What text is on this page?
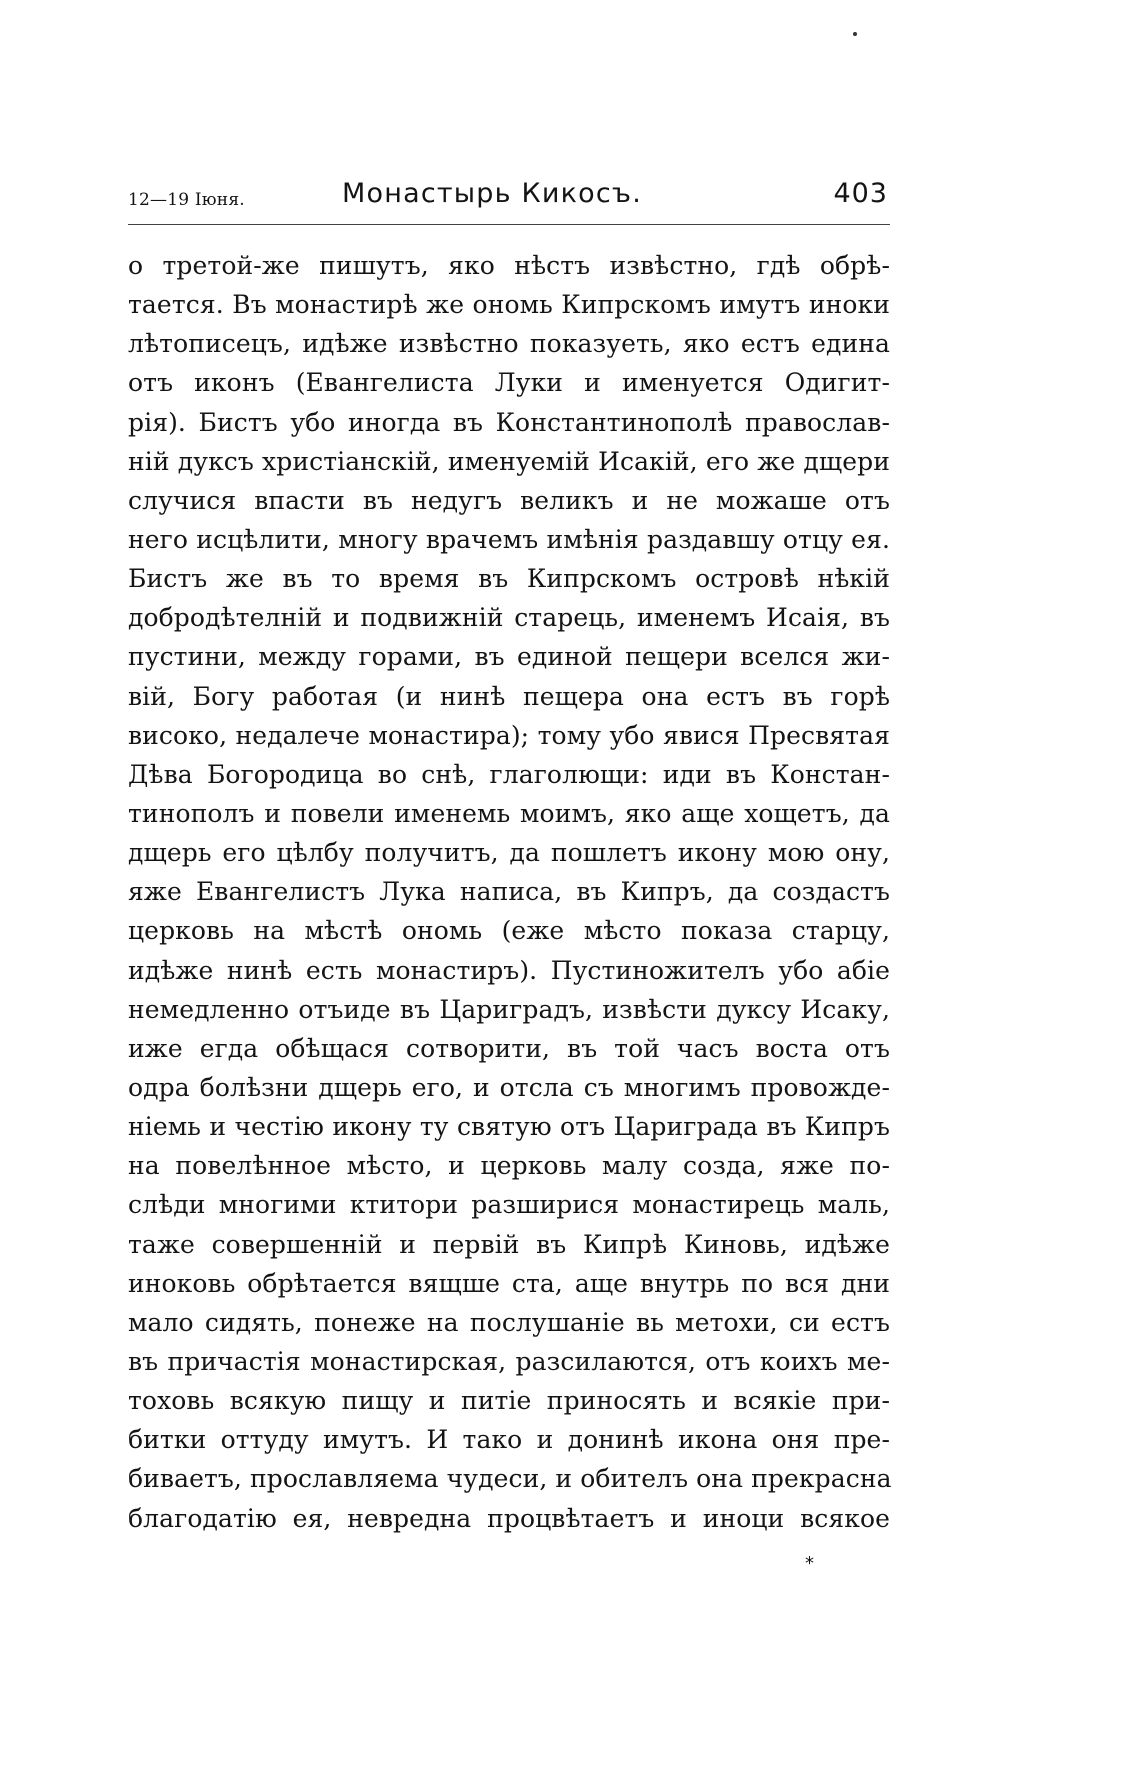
12—19 Іюня.	Монастырь Кикосъ.	403
о третой-же пишутъ, яко нѣстъ извѣстно, гдѣ обрѣ-
тается. Въ монастирѣ же ономь Кипрскомъ имутъ иноки
лѣтописецъ, идѣже извѣстно показуеть, яко естъ едина
отъ иконъ (Евангелиста Луки и именуется Одигит-
рія). Бистъ убо иногда въ Константинополѣ православ-
ній дуксъ христіанскій, именуемій Исакій, его же дщери
случися впасти въ недугъ великъ и не можаше отъ
него исцѣлити, многу врачемъ имѣнія раздавшу отцу ея.
Бистъ же въ то время въ Кипрскомъ островѣ нѣкій
добродѣтелній и подвижній старець, именемъ Исаія, въ
пустини, между горами, въ единой пещери вселся жи-
вій, Богу работая (и нинѣ пещера она естъ въ горѣ
високо, недалече монастира); тому убо явися Пресвятая
Дѣва Богородица во снѣ, глаголющи: иди въ Констан-
тинополъ и повели именемь моимъ, яко аще хощетъ, да
дщерь его цѣлбу получитъ, да пошлетъ икону мою ону,
яже Евангелистъ Лука написа, въ Кипръ, да создастъ
церковь на мѣстѣ ономь (еже мѣсто показа старцу,
идѣже нинѣ есть монастиръ). Пустиножителъ убо абіе
немедленно отъиде въ Цариградъ, извѣсти дуксу Исаку,
иже егда обѣщася сотворити, въ той часъ воста отъ
одра болѣзни дщерь его, и отсла съ многимъ провожде-
ніемь и честію икону ту святую отъ Цариграда въ Кипръ
на повелѣнное мѣсто, и церковь малу созда, яже по-
слѣди многими ктитори разширися монастирець маль,
таже совершенній и первій въ Кипрѣ Киновь, идѣже
иноковь обрѣтается вящше ста, аще внутрь по вся дни
мало сидять, понеже на послушаніе вь метохи, си естъ
въ причастія монастирская, разсилаются, отъ коихъ ме-
тоховь всякую пищу и питіе приносять и всякіе при-
битки оттуду имутъ. И тако и донинѣ икона оня пре-
биваетъ, прославляема чудеси, и обителъ она прекрасна
благодатію ея, невредна процвѣтаетъ и иноци всякое
*
